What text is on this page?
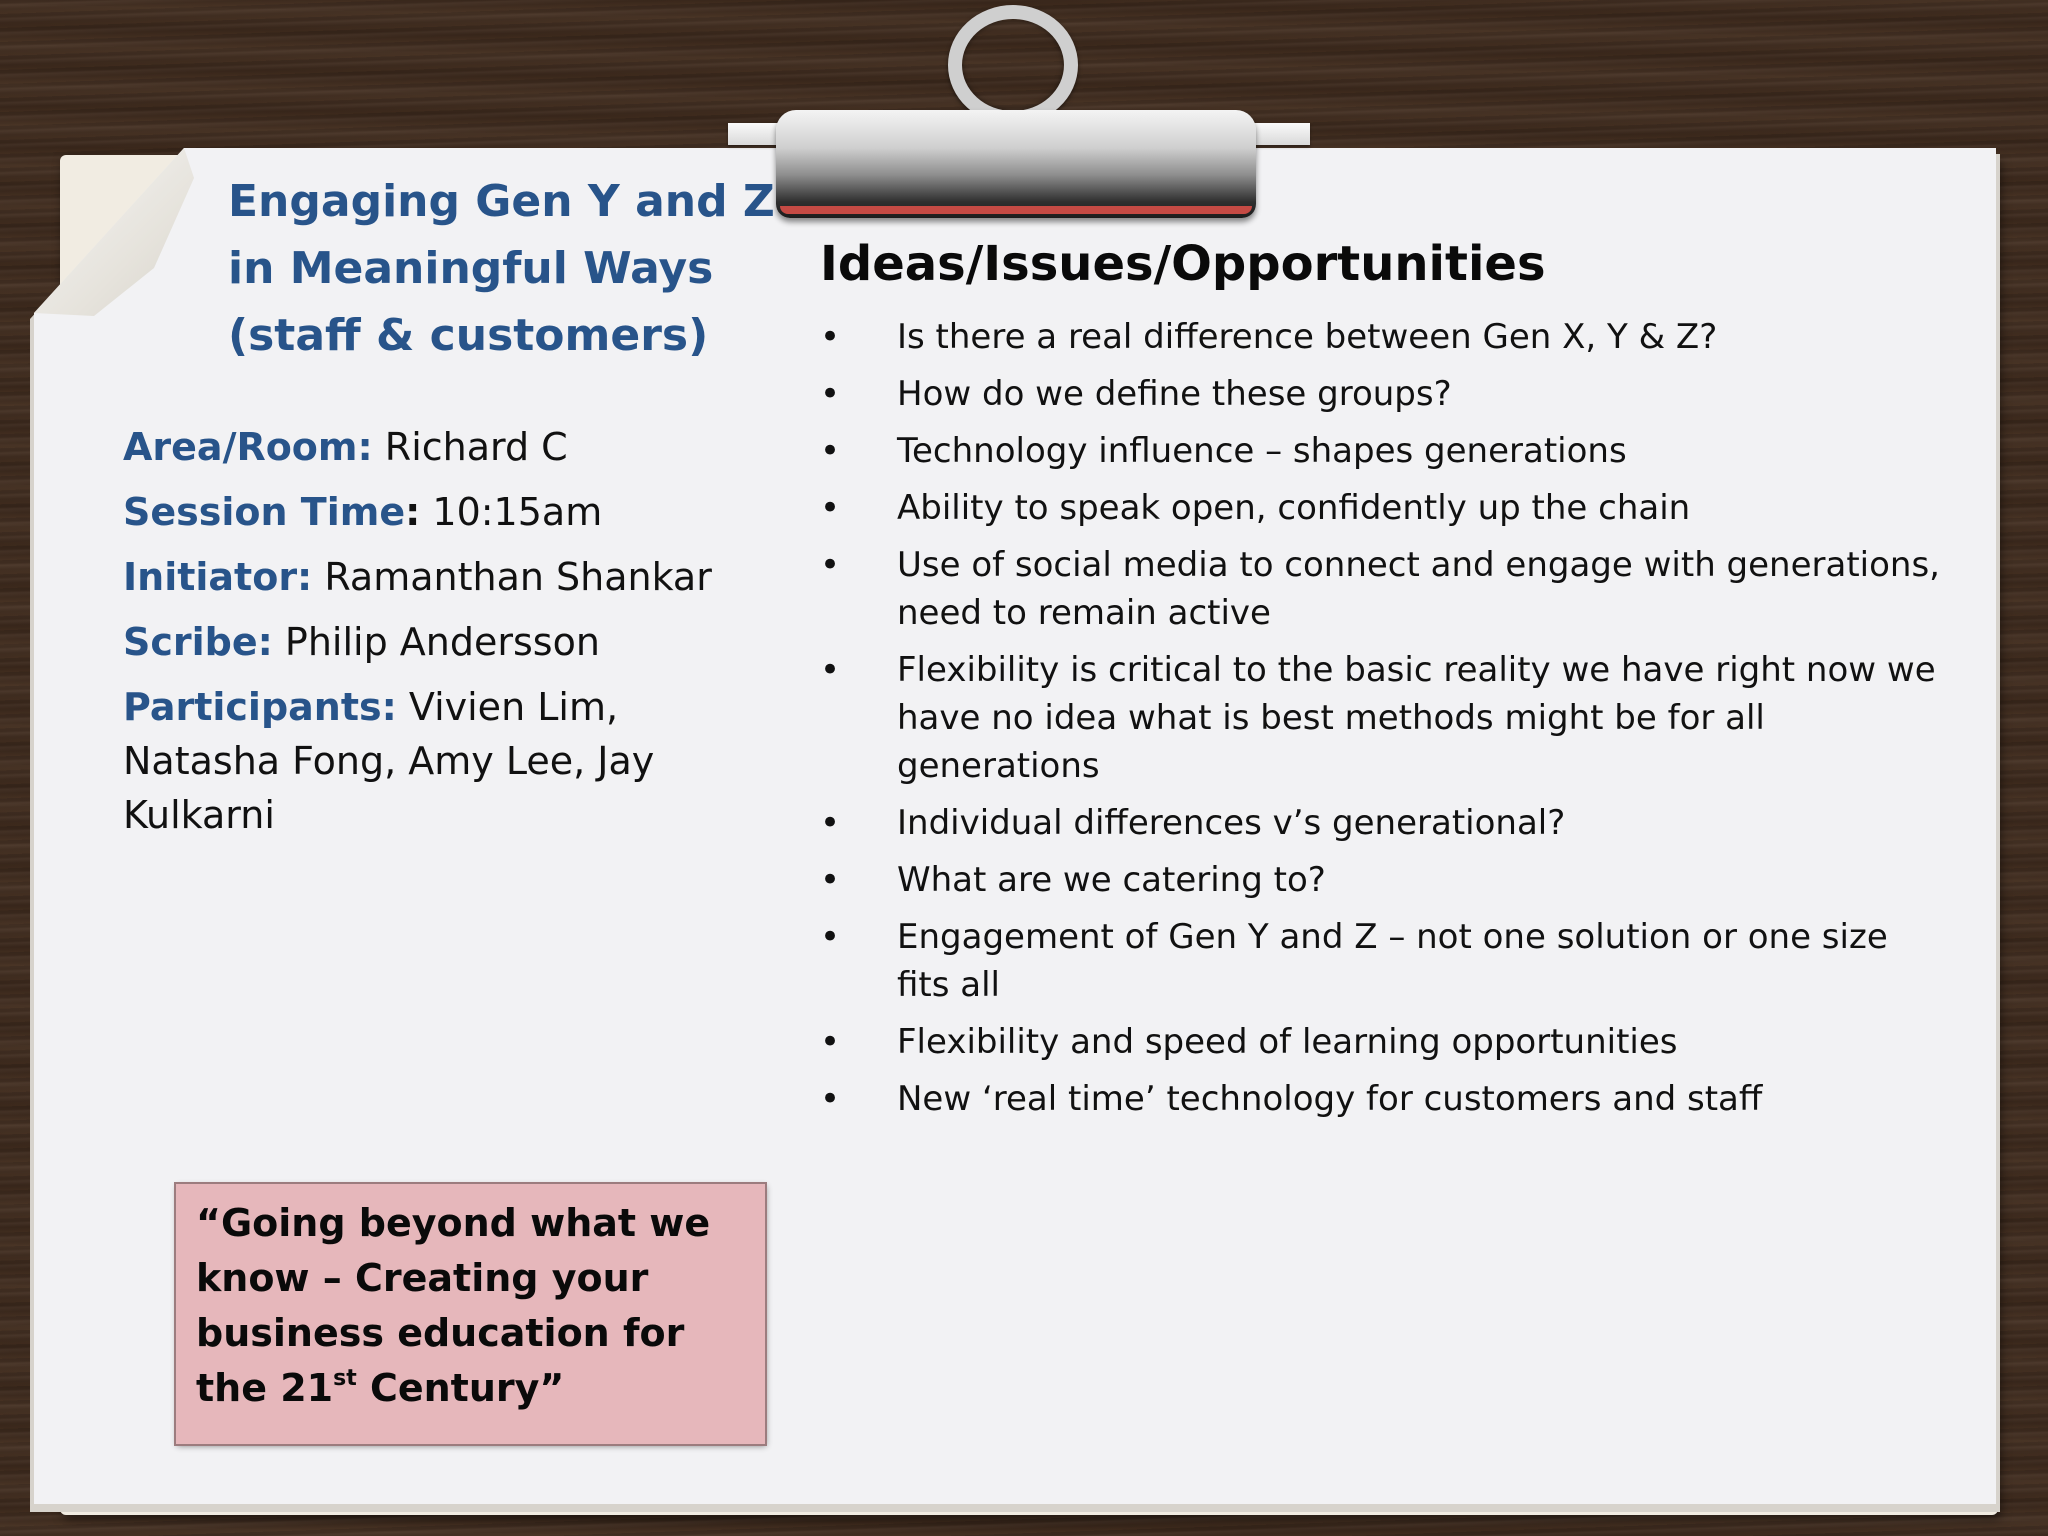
Engaging Gen Y and Z
in Meaningful Ways
(staff & customers)
Area/Room: Richard C
Session Time: 10:15am
Initiator: Ramanthan Shankar
Scribe: Philip Andersson
Participants: Vivien Lim, Natasha Fong, Amy Lee, Jay Kulkarni
Ideas/Issues/Opportunities
• Is there a real difference between Gen X, Y & Z?
• How do we define these groups?
• Technology influence – shapes generations
• Ability to speak open, confidently up the chain
• Use of social media to connect and engage with generations, need to remain active
• Flexibility is critical to the basic reality we have right now we have no idea what is best methods might be for all generations
• Individual differences v’s generational?
• What are we catering to?
• Engagement of Gen Y and Z – not one solution or one size fits all
• Flexibility and speed of learning opportunities
• New ‘real time’ technology for customers and staff
“Going beyond what we know – Creating your business education for the 21st Century”
